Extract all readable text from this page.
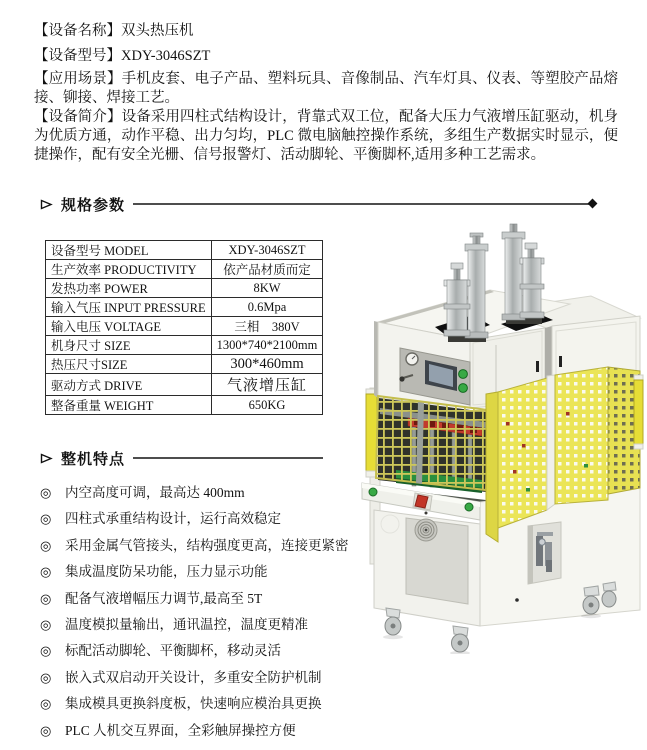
【设备名称】双头热压机

【设备型号】XDY-3046SZT

【应用场景】手机皮套、电子产品、塑料玩具、音像制品、汽车灯具、仪表、等塑胶产品熔接、铆接、焊接工艺。

【设备简介】设备采用四柱式结构设计，背靠式双工位，配备大压力气液增压缸驱动，机身为优质方通，动作平稳、出力匀均，PLC 微电脑触控操作系统，多组生产数据实时显示，便捷操作，配有安全光栅、信号报警灯、活动脚轮、平衡脚杯,适用多种工艺需求。

规格参数
设备型号 MODEL	XDY-3046SZT
生产效率 PRODUCTIVITY	依产品材质而定
发热功率 POWER	8KW
输入气压 INPUT PRESSURE	0.6Mpa
输入电压 VOLTAGE	三相　380V
机身尺寸 SIZE	1300*740*2100mm
热压尺寸SIZE	300*460mm
驱动方式 DRIVE	气液增压缸
整备重量 WEIGHT	650KG
整机特点
◎ 内空高度可调，最高达 400mm
◎ 四柱式承重结构设计，运行高效稳定
◎ 采用金属气管接头，结构强度更高，连接更紧密
◎ 集成温度防呆功能，压力显示功能
◎ 配备气液增幅压力调节,最高至 5T
◎ 温度模拟量输出，通讯温控，温度更精准
◎ 标配活动脚轮、平衡脚杯，移动灵活
◎ 嵌入式双启动开关设计，多重安全防护机制
◎ 集成模具更换斜度板，快速响应模治具更换
◎ PLC 人机交互界面，全彩触屏操控方便
